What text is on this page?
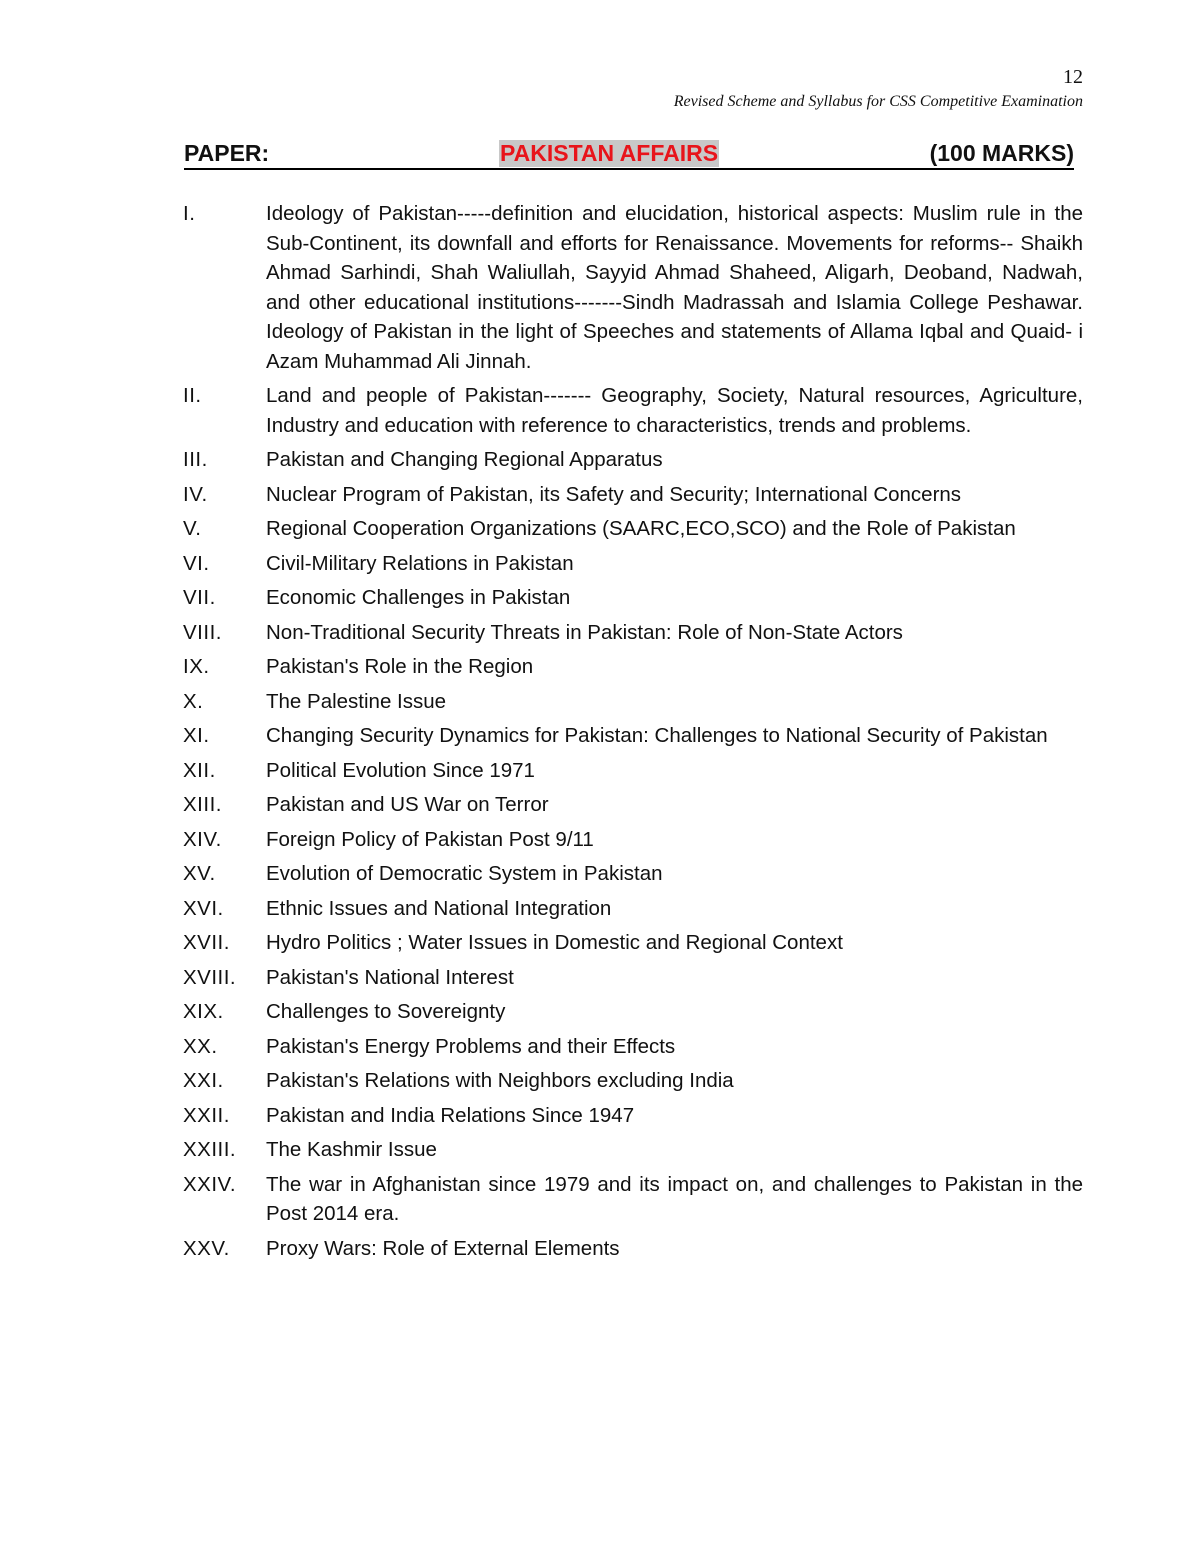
12
Revised Scheme and Syllabus for CSS Competitive Examination
PAPER:	PAKISTAN AFFAIRS	(100 MARKS)
I.	Ideology of Pakistan-----definition and elucidation, historical aspects: Muslim rule in the Sub-Continent, its downfall and efforts for Renaissance. Movements for reforms-- Shaikh Ahmad Sarhindi, Shah Waliullah, Sayyid Ahmad Shaheed, Aligarh, Deoband, Nadwah, and other educational institutions-------Sindh Madrassah and Islamia College Peshawar. Ideology of Pakistan in the light of Speeches and statements of Allama Iqbal and Quaid- i Azam Muhammad Ali Jinnah.
II.	Land and people of Pakistan------- Geography, Society, Natural resources, Agriculture, Industry and education with reference to characteristics, trends and problems.
III.	Pakistan and Changing Regional Apparatus
IV.	Nuclear Program of Pakistan, its Safety and Security; International Concerns
V.	Regional Cooperation Organizations (SAARC,ECO,SCO) and the Role of Pakistan
VI.	Civil-Military Relations in Pakistan
VII.	Economic Challenges in Pakistan
VIII.	Non-Traditional Security Threats in Pakistan: Role of Non-State Actors
IX.	Pakistan's Role in the Region
X.	The Palestine Issue
XI.	Changing Security Dynamics for Pakistan: Challenges to National Security of Pakistan
XII.	Political Evolution Since 1971
XIII.	Pakistan and US War on Terror
XIV.	Foreign Policy of Pakistan Post 9/11
XV.	Evolution of Democratic System in Pakistan
XVI.	Ethnic Issues and National Integration
XVII.	Hydro Politics ; Water Issues in Domestic and Regional Context
XVIII.	Pakistan's National Interest
XIX.	Challenges to Sovereignty
XX.	Pakistan's Energy Problems and their Effects
XXI.	Pakistan's Relations with Neighbors excluding India
XXII.	Pakistan and India Relations Since 1947
XXIII.	The Kashmir Issue
XXIV.	The war in Afghanistan since 1979 and its impact on, and challenges to Pakistan in the Post 2014 era.
XXV.	Proxy Wars: Role of External Elements
